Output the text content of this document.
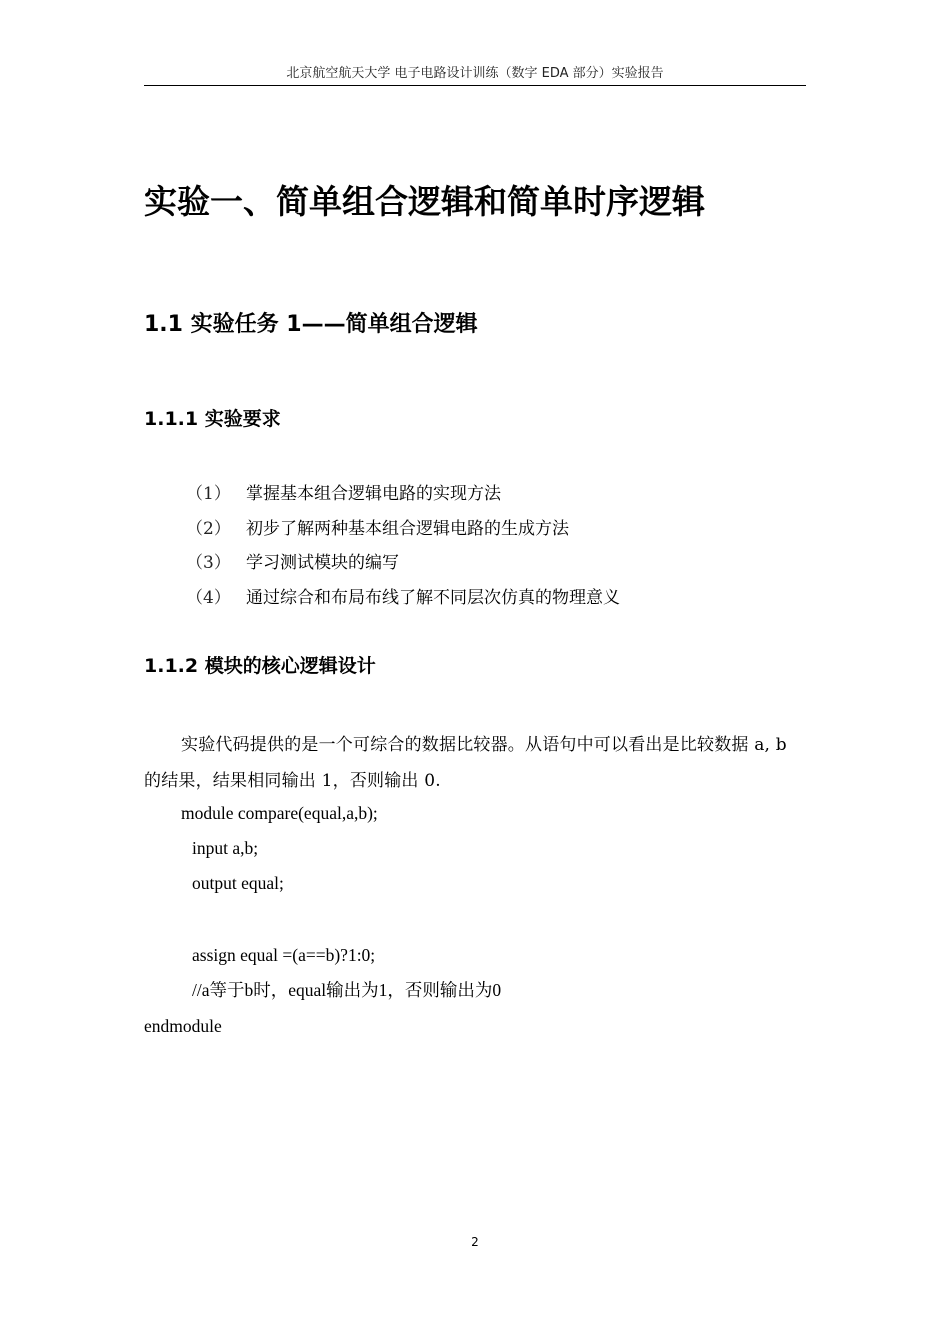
北京航空航天大学 电子电路设计训练（数字 EDA 部分）实验报告
实验一、简单组合逻辑和简单时序逻辑
1.1 实验任务 1——简单组合逻辑
1.1.1 实验要求
（1） 掌握基本组合逻辑电路的实现方法
（2） 初步了解两种基本组合逻辑电路的生成方法
（3） 学习测试模块的编写
（4） 通过综合和布局布线了解不同层次仿真的物理意义
1.1.2 模块的核心逻辑设计

实验代码提供的是一个可综合的数据比较器。从语句中可以看出是比较数据 a, b 的结果，结果相同输出 1，否则输出 0.

module compare(equal,a,b);

input a,b;

output equal;

assign equal =(a==b)?1:0;

//a等于b时，equal输出为1，否则输出为0

endmodule

2
